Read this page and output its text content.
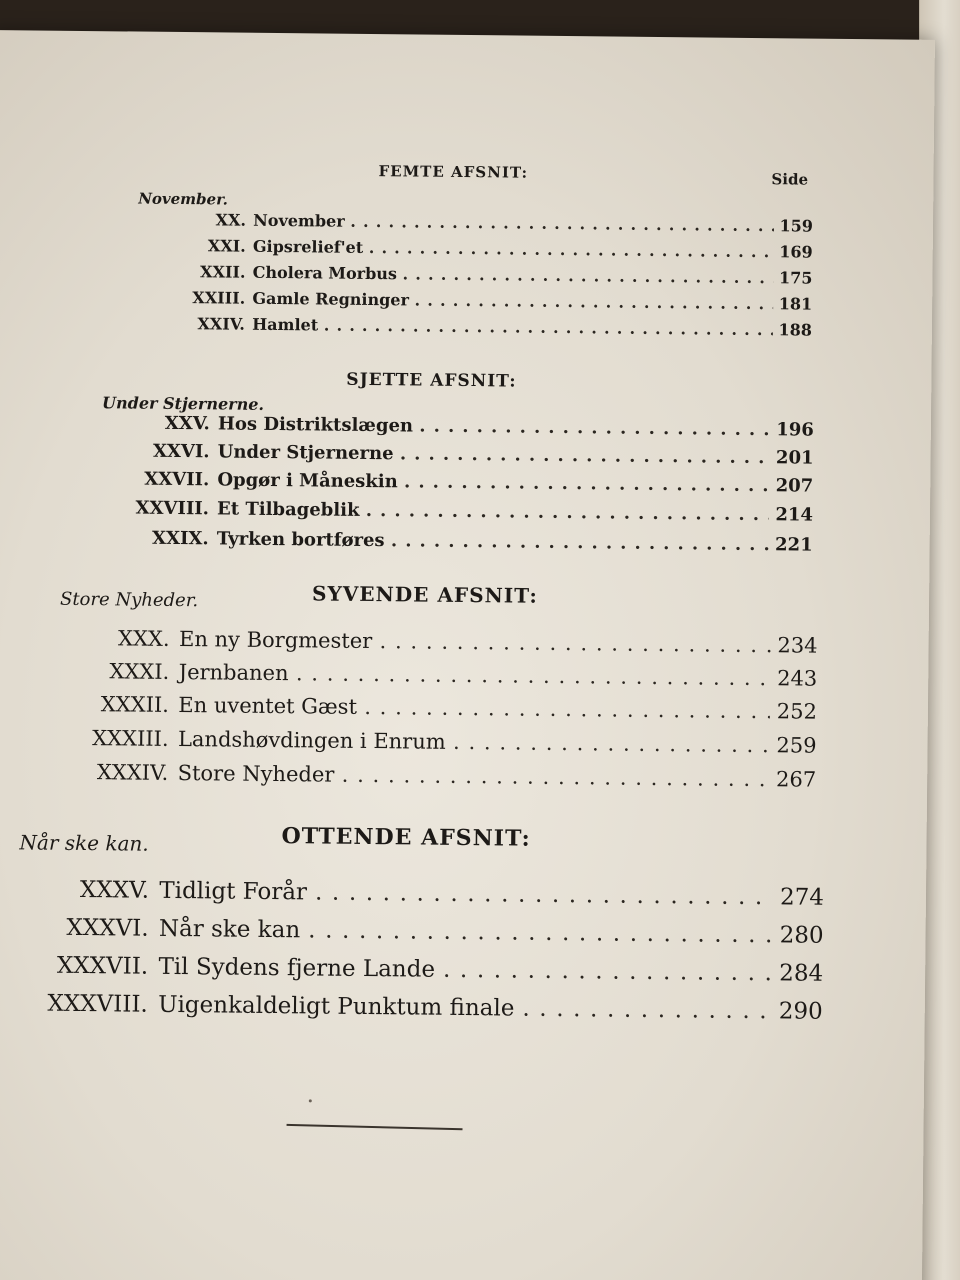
FEMTE AFSNIT:	Side
November.
XX. November . . .	159
XXI. Gipsrelief'et . . .	169
XXII. Cholera Morbus . . .	175
XXIII. Gamle Regninger . . .	181
XXIV. Hamlet . . .	188
SJETTE AFSNIT:
Under Stjernerne.
XXV. Hos Distriktslægen . . .	196
XXVI. Under Stjernerne . . .	201
XXVII. Opgør i Måneskin . . .	207
XXVIII. Et Tilbageblik . . .	214
XXIX. Tyrken bortføres . . .	221
SYVENDE AFSNIT:
Store Nyheder.
XXX. En ny Borgmester . . .	234
XXXI. Jernbanen . . .	243
XXXII. En uventet Gæst . . .	252
XXXIII. Landshøvdingen i Enrum . . .	259
XXXIV. Store Nyheder . . .	267
OTTENDE AFSNIT:
Når ske kan.
XXXV. Tidligt Forår . . .	274
XXXVI. Når ske kan . . .	280
XXXVII. Til Sydens fjerne Lande . . .	284
XXXVIII. Uigenkaldeligt Punktum finale . . .	290
